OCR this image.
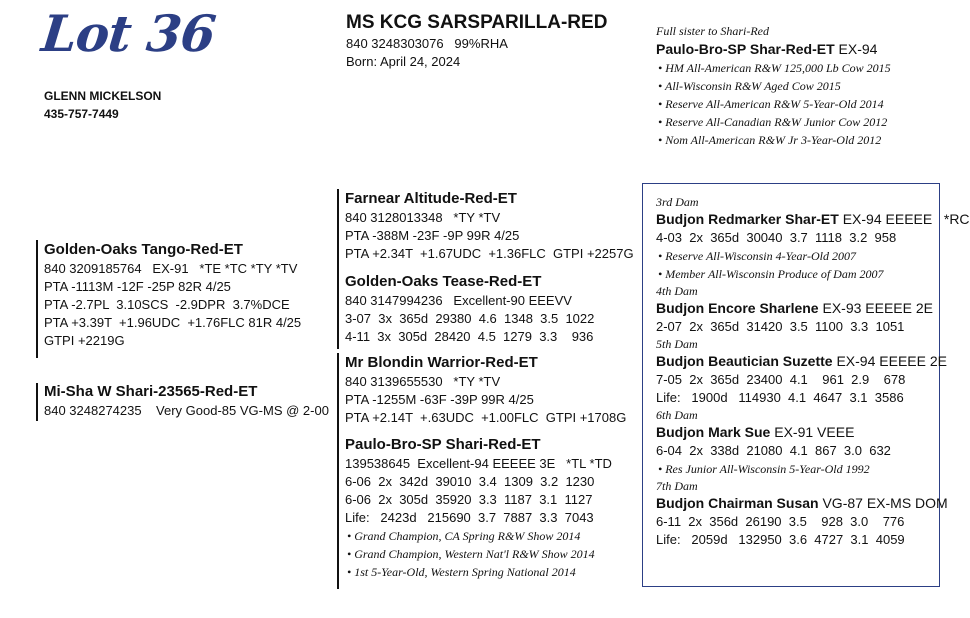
Lot 36
GLENN MICKELSON
435-757-7449
MS KCG SARSPARILLA-RED
840 3248303076   99%RHA
Born: April 24, 2024
Full sister to Shari-Red
Paulo-Bro-SP Shar-Red-ET EX-94
• HM All-American R&W 125,000 Lb Cow 2015
• All-Wisconsin R&W Aged Cow 2015
• Reserve All-American R&W 5-Year-Old 2014
• Reserve All-Canadian R&W Junior Cow 2012
• Nom All-American R&W Jr 3-Year-Old 2012
Golden-Oaks Tango-Red-ET
840 3209185764   EX-91   *TE *TC *TY *TV
PTA -1113M -12F -25P 82R 4/25
PTA -2.7PL  3.10SCS  -2.9DPR  3.7%DCE
PTA +3.39T  +1.96UDC  +1.76FLC 81R 4/25
GTPI +2219G
Mi-Sha W Shari-23565-Red-ET
840 3248274235    Very Good-85 VG-MS @ 2-00
Farnear Altitude-Red-ET
840 3128013348   *TY *TV
PTA -388M -23F -9P 99R 4/25
PTA +2.34T  +1.67UDC  +1.36FLC  GTPI +2257G
Golden-Oaks Tease-Red-ET
840 3147994236   Excellent-90 EEEVV
3-07  3x  365d  29380  4.6  1348  3.5  1022
4-11  3x  305d  28420  4.5  1279  3.3    936
Mr Blondin Warrior-Red-ET
840 3139655530   *TY *TV
PTA -1255M -63F -39P 99R 4/25
PTA +2.14T  +.63UDC  +1.00FLC  GTPI +1708G
Paulo-Bro-SP Shari-Red-ET
139538645  Excellent-94 EEEEE 3E   *TL *TD
6-06  2x  342d  39010  3.4  1309  3.2  1230
6-06  2x  305d  35920  3.3  1187  3.1  1127
Life:   2423d   215690  3.7  7887  3.3  7043
• Grand Champion, CA Spring R&W Show 2014
• Grand Champion, Western Nat'l R&W Show 2014
• 1st 5-Year-Old, Western Spring National 2014
3rd Dam
Budjon Redmarker Shar-ET EX-94 EEEEE   *RC
4-03  2x  365d  30040  3.7  1118  3.2  958
• Reserve All-Wisconsin 4-Year-Old 2007
• Member All-Wisconsin Produce of Dam 2007
4th Dam
Budjon Encore Sharlene EX-93 EEEEE 2E
2-07  2x  365d  31420  3.5  1100  3.3  1051
5th Dam
Budjon Beautician Suzette EX-94 EEEEE 2E
7-05  2x  365d  23400  4.1    961  2.9    678
Life:   1900d   114930  4.1  4647  3.1  3586
6th Dam
Budjon Mark Sue EX-91 VEEE
6-04  2x  338d  21080  4.1  867  3.0  632
• Res Junior All-Wisconsin 5-Year-Old 1992
7th Dam
Budjon Chairman Susan VG-87 EX-MS DOM
6-11  2x  356d  26190  3.5    928  3.0    776
Life:   2059d   132950  3.6  4727  3.1  4059
